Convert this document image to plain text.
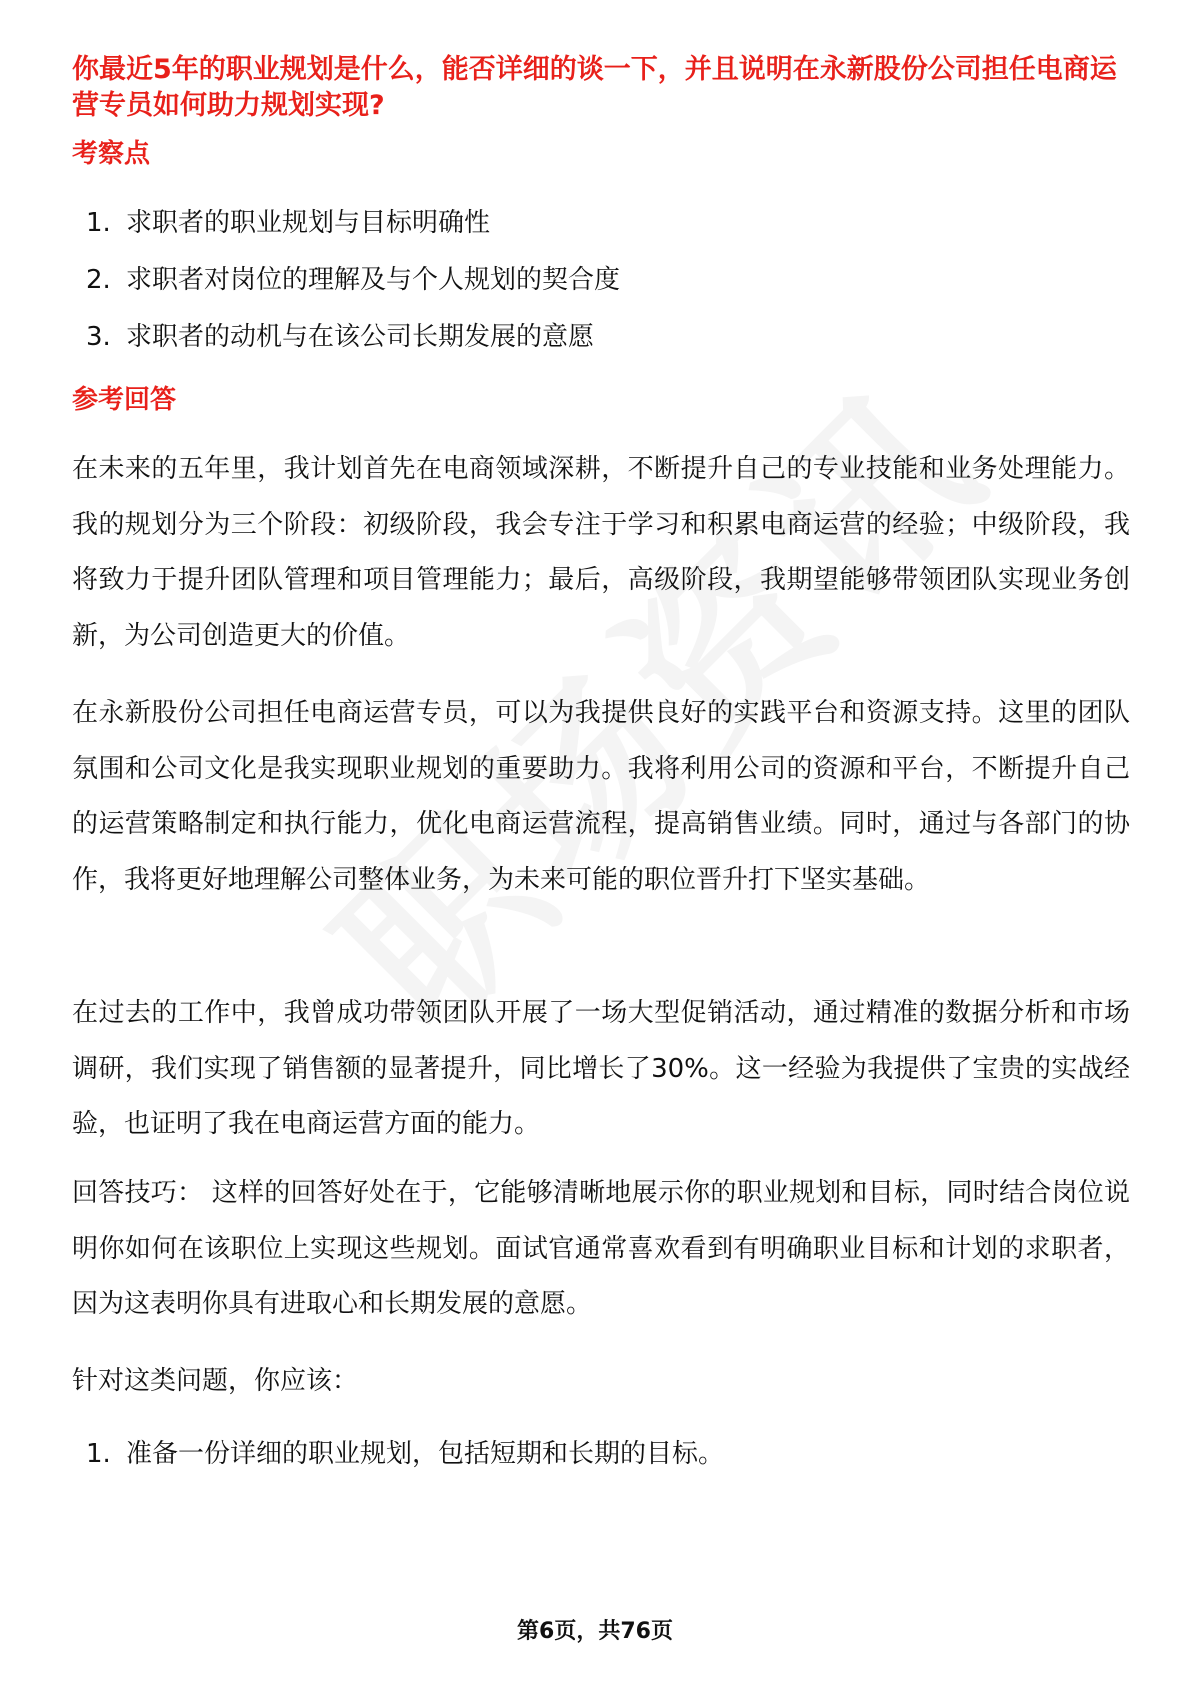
你最近5年的职业规划是什么，能否详细的谈一下，并且说明在永新股份公司担任电商运营专员如何助力规划实现?
考察点
1. 求职者的职业规划与目标明确性
2. 求职者对岗位的理解及与个人规划的契合度
3. 求职者的动机与在该公司长期发展的意愿
参考回答

在未来的五年里，我计划首先在电商领域深耕，不断提升自己的专业技能和业务处理能力。我的规划分为三个阶段：初级阶段，我会专注于学习和积累电商运营的经验；中级阶段，我将致力于提升团队管理和项目管理能力；最后，高级阶段，我期望能够带领团队实现业务创新，为公司创造更大的价值。

在永新股份公司担任电商运营专员，可以为我提供良好的实践平台和资源支持。这里的团队氛围和公司文化是我实现职业规划的重要助力。我将利用公司的资源和平台，不断提升自己的运营策略制定和执行能力，优化电商运营流程，提高销售业绩。同时，通过与各部门的协作，我将更好地理解公司整体业务，为未来可能的职位晋升打下坚实基础。

在过去的工作中，我曾成功带领团队开展了一场大型促销活动，通过精准的数据分析和市场调研，我们实现了销售额的显著提升，同比增长了30%。这一经验为我提供了宝贵的实战经验，也证明了我在电商运营方面的能力。

回答技巧： 这样的回答好处在于，它能够清晰地展示你的职业规划和目标，同时结合岗位说明你如何在该职位上实现这些规划。面试官通常喜欢看到有明确职业目标和计划的求职者，因为这表明你具有进取心和长期发展的意愿。

针对这类问题，你应该：

1. 准备一份详细的职业规划，包括短期和长期的目标。
第6页，共76页
